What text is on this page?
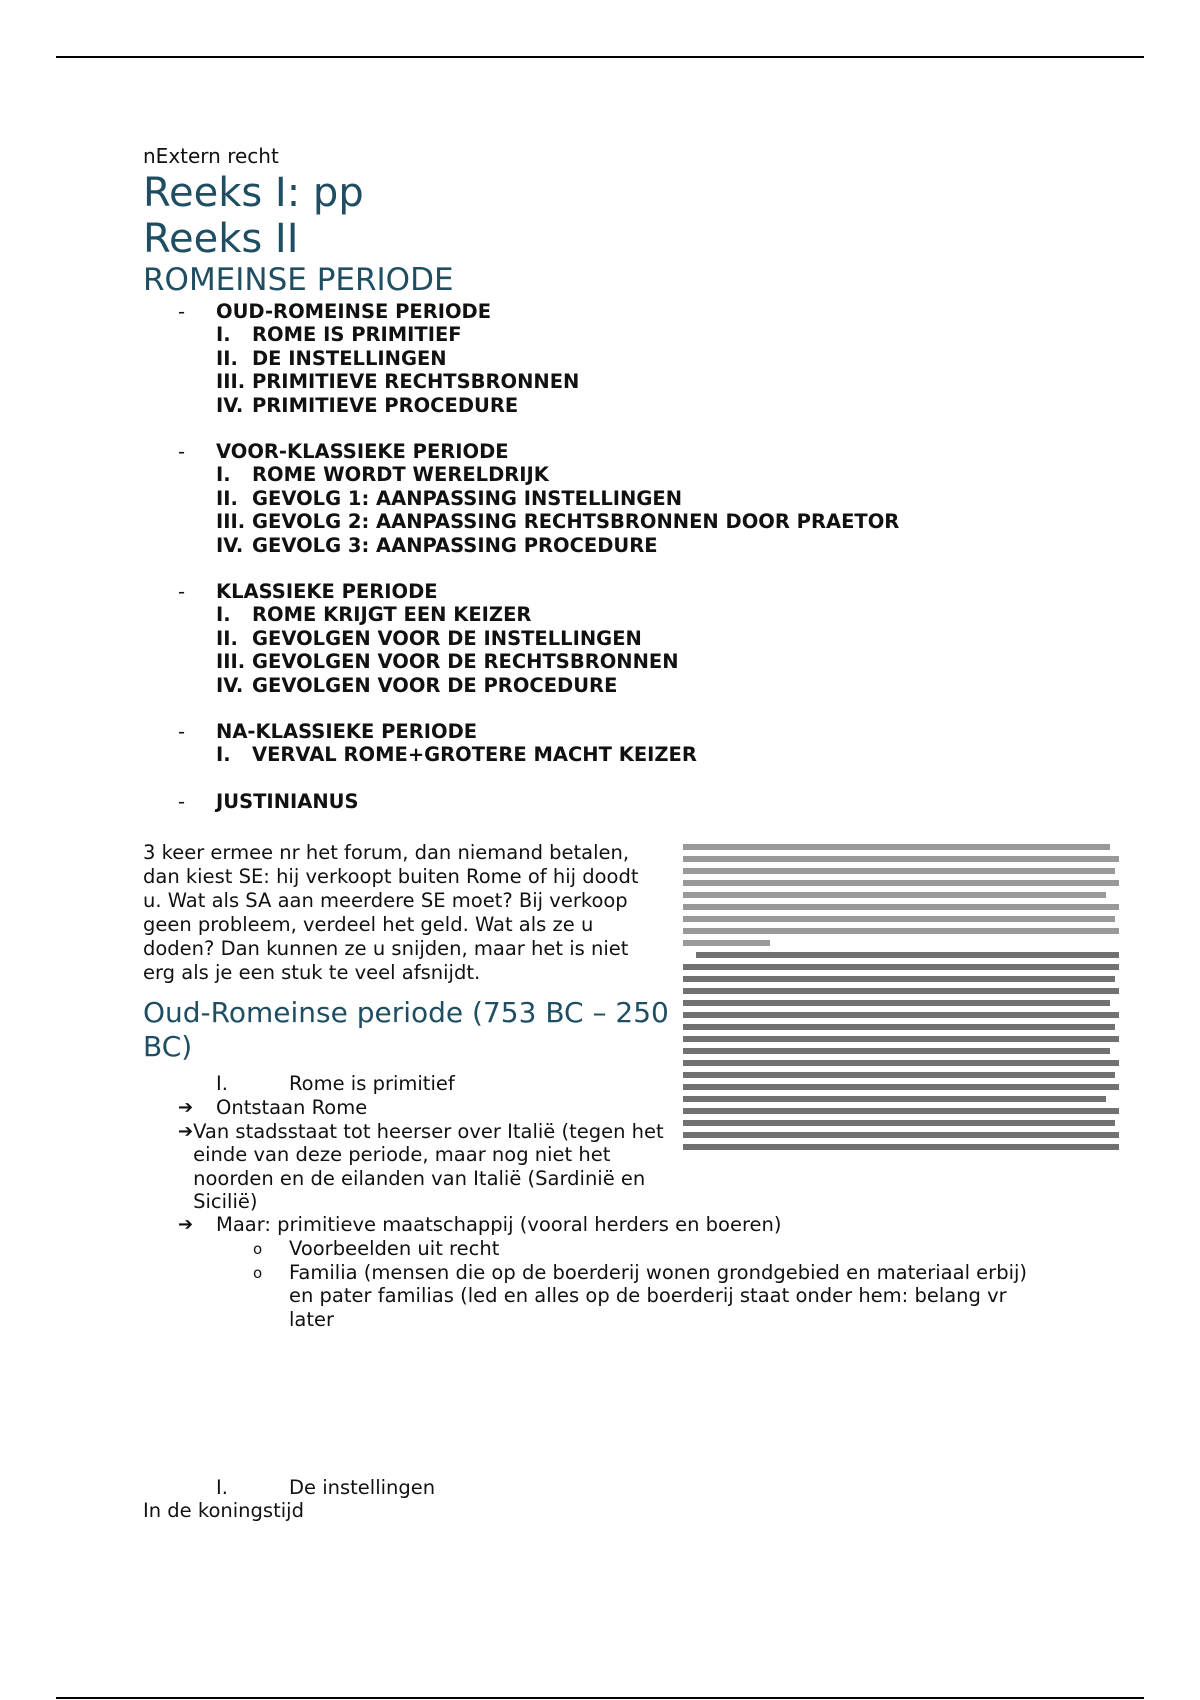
nExtern recht
Reeks I: pp
Reeks II
ROMEINSE PERIODE
-	OUD-ROMEINSE PERIODE
I.	ROME IS PRIMITIEF
II. DE INSTELLINGEN
III. PRIMITIEVE RECHTSBRONNEN
IV. PRIMITIEVE PROCEDURE
-	VOOR-KLASSIEKE PERIODE
I.	ROME WORDT WERELDRIJK
II. GEVOLG 1: AANPASSING INSTELLINGEN
III. GEVOLG 2: AANPASSING RECHTSBRONNEN DOOR PRAETOR
IV. GEVOLG 3: AANPASSING PROCEDURE
-	KLASSIEKE PERIODE
I.	ROME KRIJGT EEN KEIZER
II. GEVOLGEN VOOR DE INSTELLINGEN
III. GEVOLGEN VOOR DE RECHTSBRONNEN
IV. GEVOLGEN VOOR DE PROCEDURE
-	NA-KLASSIEKE PERIODE
I.	VERVAL ROME+GROTERE MACHT KEIZER
-	JUSTINIANUS
3 keer ermee nr het forum, dan niemand betalen, dan kiest SE: hij verkoopt buiten Rome of hij doodt u. Wat als SA aan meerdere SE moet? Bij verkoop geen probleem, verdeel het geld. Wat als ze u doden? Dan kunnen ze u snijden, maar het is niet erg als je een stuk te veel afsnijdt.
Oud-Romeinse periode (753 BC – 250 BC)
I.	Rome is primitief
➔	Ontstaan Rome
➔ Van stadsstaat tot heerser over Italië (tegen het einde van deze periode, maar nog niet het noorden en de eilanden van Italië (Sardinië en Sicilië)
➔	Maar: primitieve maatschappij (vooral herders en boeren)
o	Voorbeelden uit recht
o	Familia (mensen die op de boerderij wonen grondgebied en materiaal erbij) en pater familias (led en alles op de boerderij staat onder hem: belang vr later
I.	De instellingen
In de koningstijd
